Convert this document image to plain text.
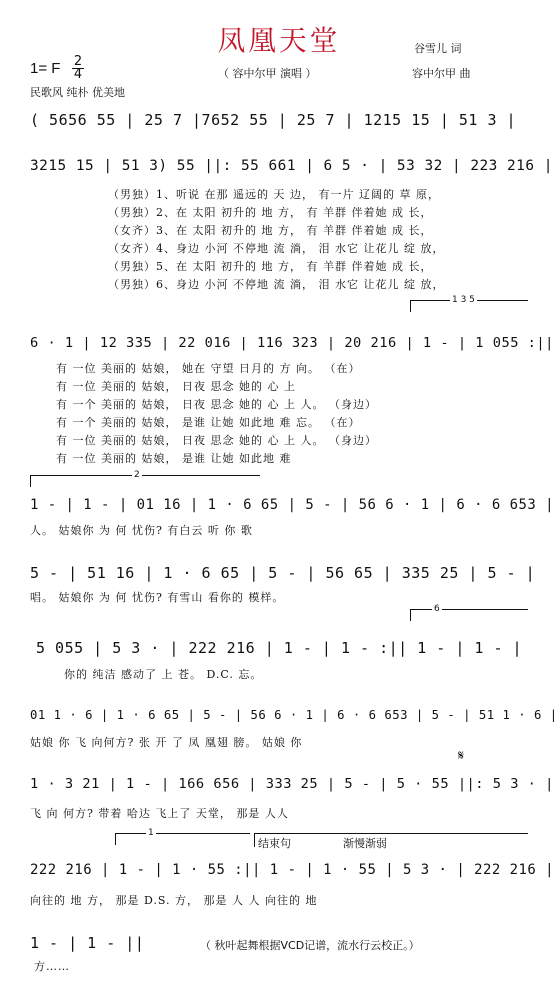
凤凰天堂	谷雪儿 词
容中尔甲 曲
（ 容中尔甲 演唱 ）
1= F $\frac{2}{4}$
民歌风 纯朴 优美地
( 5656 55 | 25 7 |7652 55 | 25 7 | 1215 15 | 51 3 |
3215 15 | 51 3) 55 ||: 55 661 | 6 5 · | 53 32 | 223 216 |
（男独）1、听说 在那 遥远的 天 边， 有一片 辽阔的 草 原，
（男独）2、在 太阳 初升的 地 方， 有 羊群 伴着她 成 长，
（女齐）3、在 太阳 初升的 地 方， 有 羊群 伴着她 成 长，
（女齐）4、身边 小河 不停地 流 淌， 泪 水它 让花儿 绽 放，
（男独）5、在 太阳 初升的 地 方， 有 羊群 伴着她 成 长，
（男独）6、身边 小河 不停地 流 淌， 泪 水它 让花儿 绽 放，
1 3 5
6 · 1 | 12 335 | 22 016 | 116 323 | 20 216 | 1 - | 1 055 :||
有 一位 美丽的 姑娘， 她在 守望 日月的 方 向。 （在）
有 一位 美丽的 姑娘， 日夜 思念 她的 心 上
有 一个 美丽的 姑娘， 日夜 思念 她的 心 上 人。 （身边）
有 一个 美丽的 姑娘， 是谁 让她 如此地 难 忘。 （在）
有 一位 美丽的 姑娘， 日夜 思念 她的 心 上 人。 （身边）
有 一位 美丽的 姑娘， 是谁 让她 如此地 难
2
1 - | 1 - | 01 16 | 1 · 6 65 | 5 - | 56 6 · 1 | 6 · 6 653 |
人。 姑娘你 为 何 忧伤? 有白云 听 你 歌
5 - | 51 16 | 1 · 6 65 | 5 - | 56 65 | 335 25 | 5 - |
唱。 姑娘你 为 何 忧伤? 有雪山 看你的 模样。
6
5 055 | 5 3 · | 222 216 | 1 - | 1 - :|| 1 - | 1 - |
你的 纯洁 感动了 上 苍。 D.C. 忘。
01 1 · 6 | 1 · 6 65 | 5 - | 56 6 · 1 | 6 · 6 653 | 5 - | 51 1 · 6 |
姑娘 你 飞 向何方? 张 开 了 凤 凰翅 膀。 姑娘 你
𝄋
1 · 3 21 | 1 - | 166 656 | 333 25 | 5 - | 5 · 55 ||: 5 3 · |
飞 向 何方? 带着 哈达 飞上了 天堂， 那是 人人
1
结束句	渐慢渐弱
222 216 | 1 - | 1 · 55 :|| 1 - | 1 · 55 | 5 3 · | 222 216 |
向往的 地 方， 那是 D.S. 方， 那是 人 人 向往的 地
1 - | 1 - ||
方……
（ 秋叶起舞根据VCD记谱，流水行云校正。）
